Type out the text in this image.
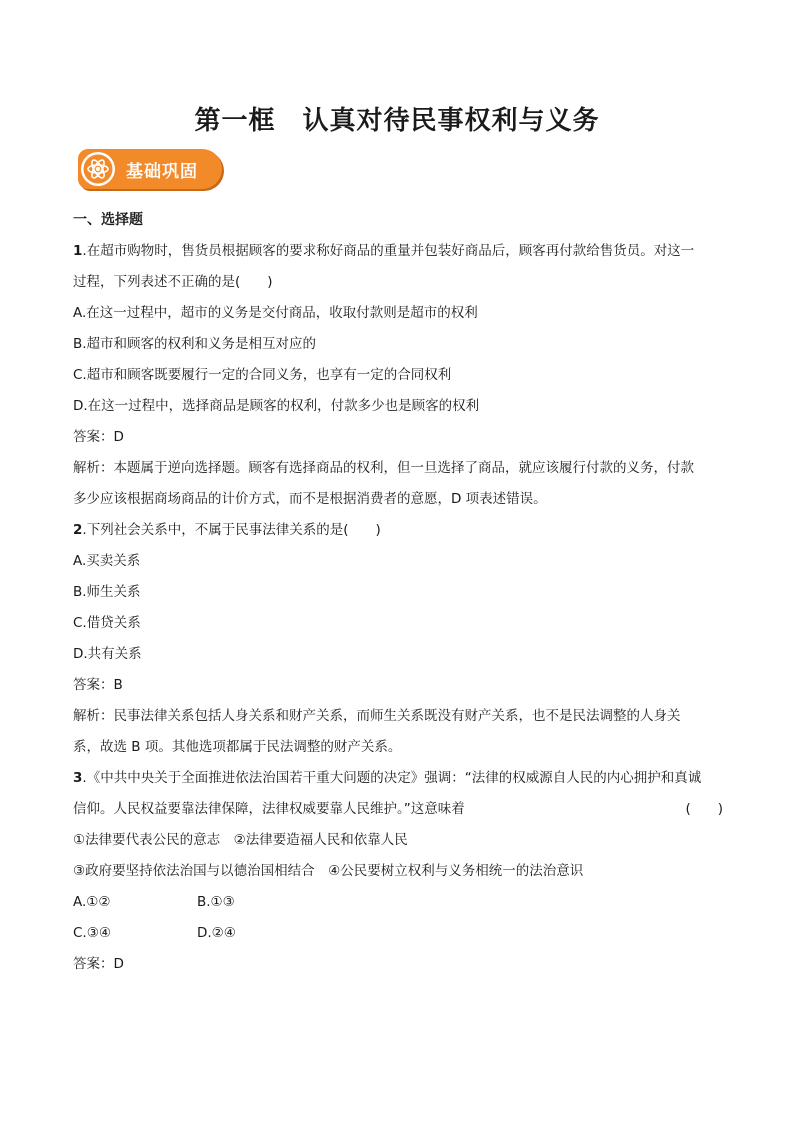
第一框　认真对待民事权利与义务
基础巩固
一、选择题
1.在超市购物时，售货员根据顾客的要求称好商品的重量并包装好商品后，顾客再付款给售货员。对这一
过程，下列表述不正确的是(　　)
A.在这一过程中，超市的义务是交付商品，收取付款则是超市的权利
B.超市和顾客的权利和义务是相互对应的
C.超市和顾客既要履行一定的合同义务，也享有一定的合同权利
D.在这一过程中，选择商品是顾客的权利，付款多少也是顾客的权利
答案：D
解析：本题属于逆向选择题。顾客有选择商品的权利，但一旦选择了商品，就应该履行付款的义务，付款
多少应该根据商场商品的计价方式，而不是根据消费者的意愿，D 项表述错误。
2.下列社会关系中，不属于民事法律关系的是(　　)
A.买卖关系
B.师生关系
C.借贷关系
D.共有关系
答案：B
解析：民事法律关系包括人身关系和财产关系，而师生关系既没有财产关系，也不是民法调整的人身关
系，故选 B 项。其他选项都属于民法调整的财产关系。
3.《中共中央关于全面推进依法治国若干重大问题的决定》强调：“法律的权威源自人民的内心拥护和真诚
信仰。人民权益要靠法律保障，法律权威要靠人民维护。”这意味着	(　　)
①法律要代表公民的意志　②法律要造福人民和依靠人民
③政府要坚持依法治国与以德治国相结合　④公民要树立权利与义务相统一的法治意识
A.①②	B.①③
C.③④	D.②④
答案：D
